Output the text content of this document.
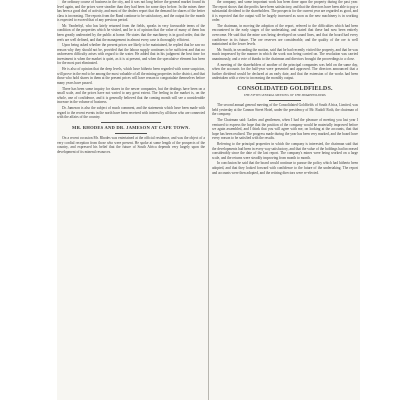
the ordinary course of business in the city, and it was not long before the general market found its level again, and the prices were steadier than they had been for some days before. In the mines there has been a good deal of activity, and most of the dealers report that the demand for shares of the better class is increasing. The reports from the Rand continue to be satisfactory, and the output for the month is expected to exceed that of any previous period.

Mr. Vanderbyl, who has lately returned from the fields, speaks in very favourable terms of the condition of the properties which he visited, and he is of opinion that the value of many of them has been greatly underrated by the public at home. He states that the machinery is in good order, that the reefs are well defined, and that the management in almost every case is thoroughly efficient.

Upon being asked whether the present prices are likely to be maintained, he replied that he saw no reason why they should not be, provided that the labour supply continues to be sufficient and that no unforeseen difficulty arises with regard to the water. He added that in his judgment the best time for investment is when the market is quiet, as it is at present, and when the speculative element has been for the most part eliminated.

He is also of opinion that the deep levels, which have hitherto been regarded with some suspicion, will prove in the end to be among the most valuable of all the mining properties in the district, and that those who hold shares in them at the present prices will have reason to congratulate themselves before many years have passed.

There has been some inquiry for shares in the newer companies, but the dealings have been on a small scale, and the prices have not varied to any great extent. The feeling in the market is, on the whole, one of confidence, and it is generally believed that the coming month will see a considerable increase in the volume of business.

Dr. Jameson is also the subject of much comment, and the statements which have been made with regard to the recent events in the north have been received with interest by all those who are connected with the affairs of the country.

MR. RHODES AND DR. JAMESON AT CAPE TOWN.

On a recent occasion Mr. Rhodes was entertained at the official residence, and was the object of a very cordial reception from those who were present. He spoke at some length of the prospects of the country, and expressed his belief that the future of South Africa depends very largely upon the development of its mineral resources.

the company, and some important work has been done upon the property during the past year. The report shows that the profits have been satisfactory, and that the directors have been able to pay a substantial dividend to the shareholders. The prospects for the current year are regarded as good, and it is expected that the output will be largely increased as soon as the new machinery is in working order.

The chairman, in moving the adoption of the report, referred to the difficulties which had been encountered in the early stages of the undertaking, and stated that these had now been entirely overcome. He said that the mine was being developed on sound lines, and that the board had every confidence in its future. The ore reserves are considerable, and the quality of the ore is well maintained at the lower levels.

Mr. Smith, in seconding the motion, said that he had recently visited the property, and that he was much impressed by the manner in which the work was being carried on. The resolution was carried unanimously, and a vote of thanks to the chairman and directors brought the proceedings to a close.

A meeting of the shareholders of another of the principal companies was held on the same day, when the accounts for the half-year were presented and approved. The directors announced that a further dividend would be declared at an early date, and that the extension of the works had been undertaken with a view to increasing the monthly output.

CONSOLIDATED GOLDFIELDS.
THE FIFTH GENERAL MEETING OF THE SHAREHOLDERS.

The second annual general meeting of the Consolidated Goldfields of South Africa, Limited, was held yesterday at the Cannon Street Hotel, under the presidency of Mr. Rudolf Roth, the chairman of the company.

The Chairman said: Ladies and gentlemen, when I had the pleasure of meeting you last year I ventured to express the hope that the position of the company would be materially improved before we again assembled, and I think that you will agree with me, on looking at the accounts, that that hope has been realised. The progress made during the year has been very marked, and the board have every reason to be satisfied with the results.

Referring to the principal properties in which the company is interested, the chairman said that the developments had been in every way satisfactory, and that the value of the holdings had increased considerably since the date of the last report. The company's mines were being worked on a large scale, and the returns were steadily improving from month to month.

In conclusion he said that the board would continue to pursue the policy which had hitherto been adopted, and that they looked forward with confidence to the future of the undertaking. The report and accounts were then adopted, and the retiring directors were re-elected.
